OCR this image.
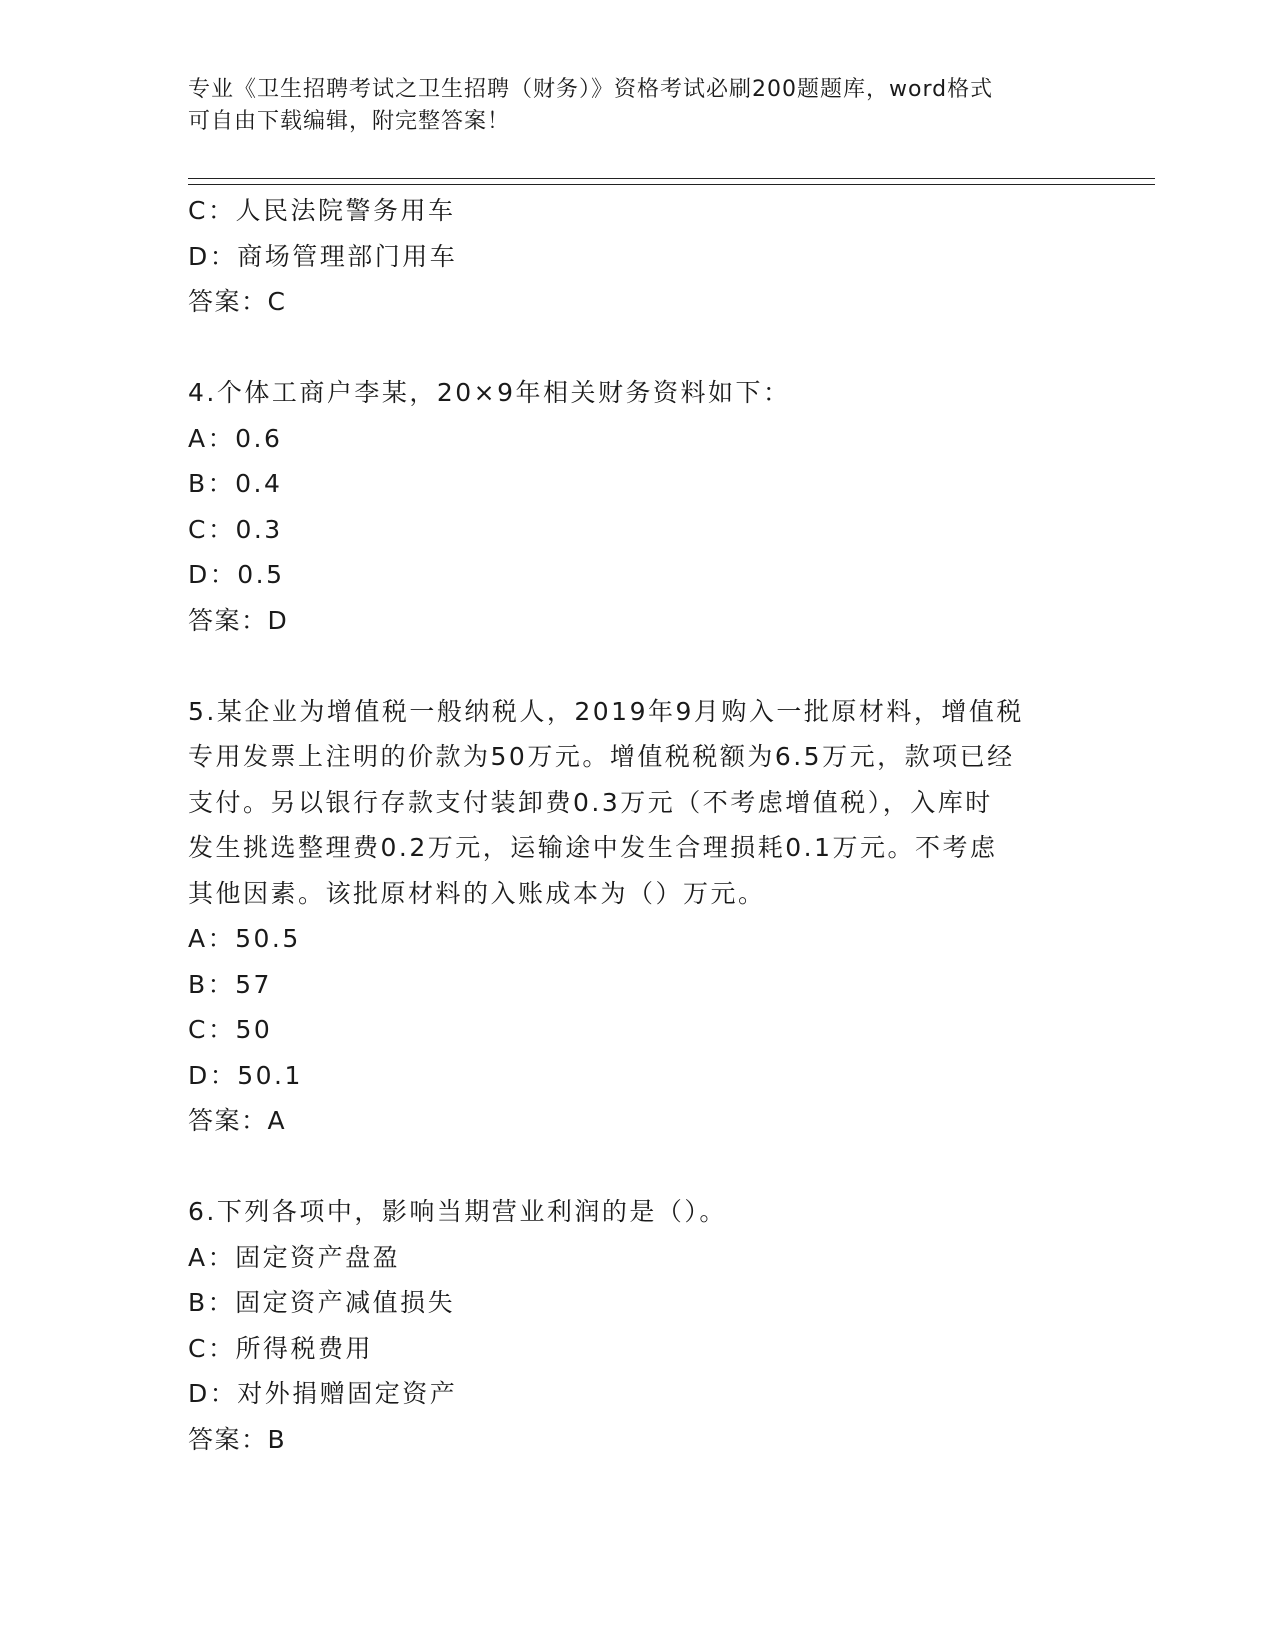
专业《卫生招聘考试之卫生招聘（财务）》资格考试必刷200题题库，word格式
可自由下载编辑，附完整答案！
C：人民法院警务用车
D：商场管理部门用车
答案：C
4.个体工商户李某，20×9年相关财务资料如下：
A：0.6
B：0.4
C：0.3
D：0.5
答案：D
5.某企业为增值税一般纳税人，2019年9月购入一批原材料，增值税
专用发票上注明的价款为50万元。增值税税额为6.5万元，款项已经
支付。另以银行存款支付装卸费0.3万元（不考虑增值税），入库时
发生挑选整理费0.2万元，运输途中发生合理损耗0.1万元。不考虑
其他因素。该批原材料的入账成本为（）万元。
A：50.5
B：57
C：50
D：50.1
答案：A
6.下列各项中，影响当期营业利润的是（）。
A：固定资产盘盈
B：固定资产减值损失
C：所得税费用
D：对外捐赠固定资产
答案：B
